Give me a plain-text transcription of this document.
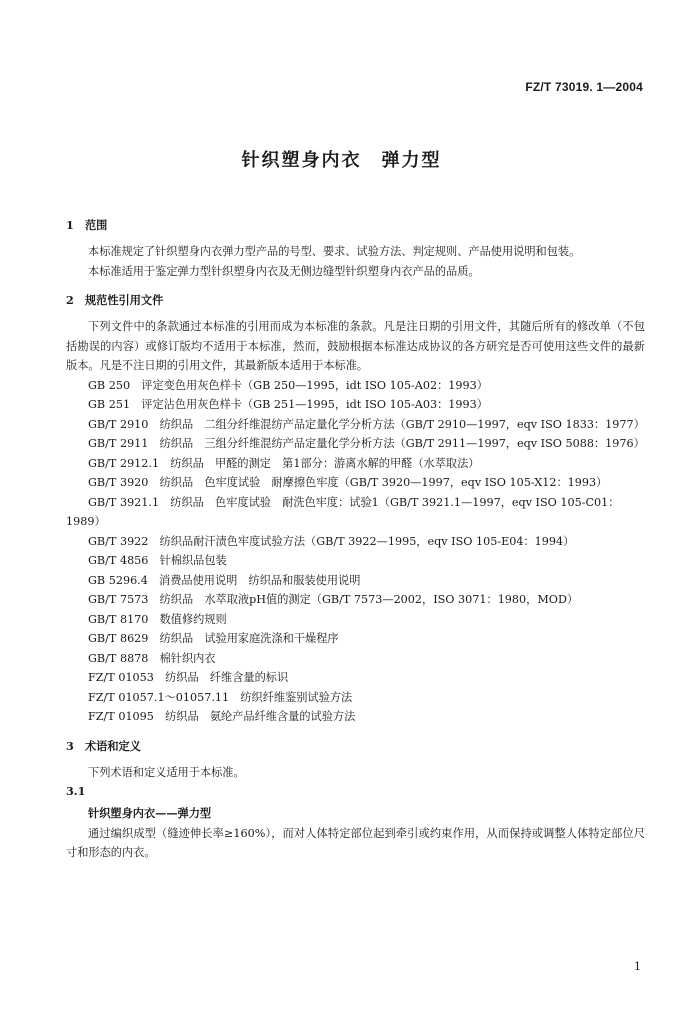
FZ/T 73019. 1—2004
针织塑身内衣　弹力型

1　范围

本标准规定了针织塑身内衣弹力型产品的号型、要求、试验方法、判定规则、产品使用说明和包装。

本标准适用于鉴定弹力型针织塑身内衣及无侧边缝型针织塑身内衣产品的品质。

2　规范性引用文件

下列文件中的条款通过本标准的引用而成为本标准的条款。凡是注日期的引用文件，其随后所有的修改单（不包括勘误的内容）或修订版均不适用于本标准，然而，鼓励根据本标准达成协议的各方研究是否可使用这些文件的最新版本。凡是不注日期的引用文件，其最新版本适用于本标准。

GB 250　评定变色用灰色样卡（GB 250—1995，idt ISO 105-A02：1993）

GB 251　评定沾色用灰色样卡（GB 251—1995，idt ISO 105-A03：1993）

GB/T 2910　纺织品　二组分纤维混纺产品定量化学分析方法（GB/T 2910—1997，eqv ISO 1833：1977）

GB/T 2911　纺织品　三组分纤维混纺产品定量化学分析方法（GB/T 2911—1997，eqv ISO 5088：1976）

GB/T 2912.1　纺织品　甲醛的测定　第1部分：游离水解的甲醛（水萃取法）

GB/T 3920　纺织品　色牢度试验　耐摩擦色牢度（GB/T 3920—1997，eqv ISO 105-X12：1993）

GB/T 3921.1　纺织品　色牢度试验　耐洗色牢度：试验1（GB/T 3921.1—1997，eqv ISO 105-C01：1989）

GB/T 3922　纺织品耐汗渍色牢度试验方法（GB/T 3922—1995，eqv ISO 105-E04：1994）

GB/T 4856　针棉织品包装

GB 5296.4　消费品使用说明　纺织品和服装使用说明

GB/T 7573　纺织品　水萃取液pH值的测定（GB/T 7573—2002，ISO 3071：1980，MOD）

GB/T 8170　数值修约规则

GB/T 8629　纺织品　试验用家庭洗涤和干燥程序

GB/T 8878　棉针织内衣

FZ/T 01053　纺织品　纤维含量的标识

FZ/T 01057.1～01057.11　纺织纤维鉴别试验方法

FZ/T 01095　纺织品　氨纶产品纤维含量的试验方法

3　术语和定义

下列术语和定义适用于本标准。

3.1

针织塑身内衣——弹力型

通过编织成型（缝迹伸长率≥160%），而对人体特定部位起到牵引或约束作用，从而保持或调整人体特定部位尺寸和形态的内衣。

1
